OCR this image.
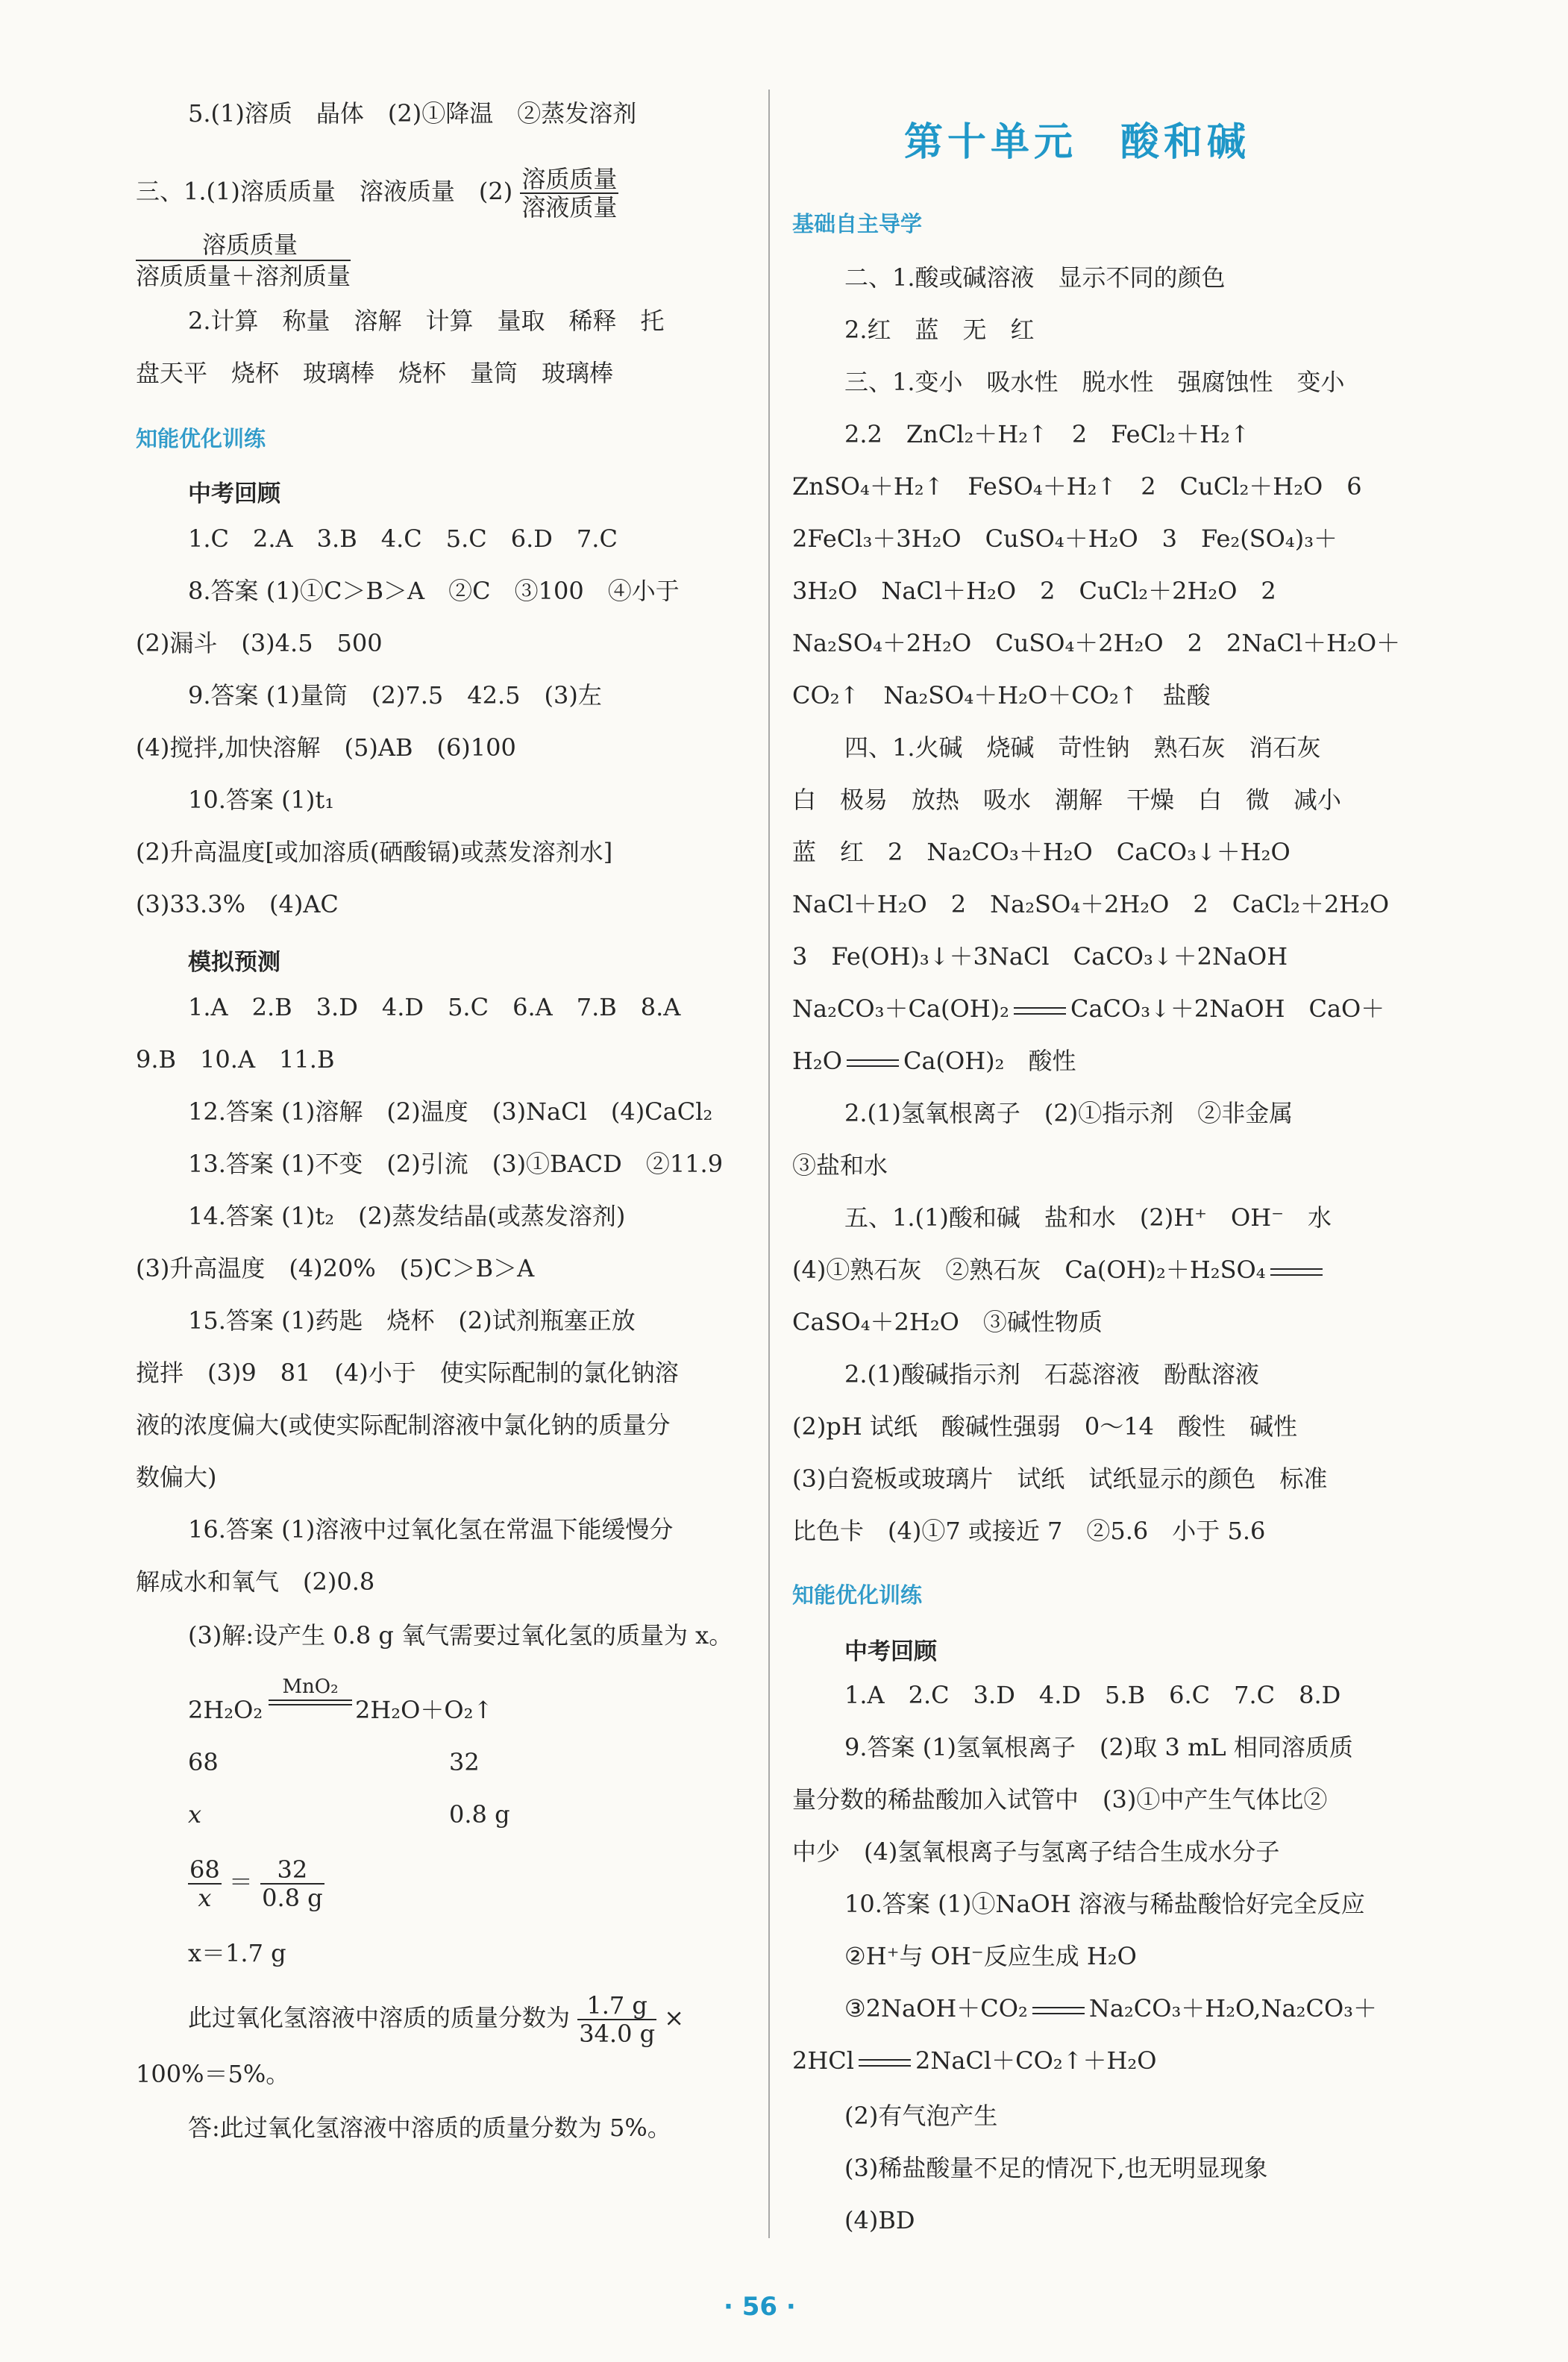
5.(1)溶质　晶体　(2)①降温　②蒸发溶剂
三、1.(1)溶质质量　溶液质量　$(2) \frac{\text{溶质质量}}{\text{溶液质量}}$
溶质质量
溶质质量＋溶剂质量
2.计算　称量　溶解　计算　量取　稀释　托
盘天平　烧杯　玻璃棒　烧杯　量筒　玻璃棒
知能优化训练
中考回顾
1.C　2.A　3.B　4.C　5.C　6.D　7.C
8.答案 (1)①C＞B＞A　②C　③100　④小于
(2)漏斗　(3)4.5　500
9.答案 (1)量筒　(2)7.5　42.5　(3)左
(4)搅拌,加快溶解　(5)AB　(6)100
10.答案 (1)t₁
(2)升高温度[或加溶质(硒酸镉)或蒸发溶剂水]
(3)33.3%　(4)AC
模拟预测
1.A　2.B　3.D　4.D　5.C　6.A　7.B　8.A
9.B　10.A　11.B
12.答案 (1)溶解　(2)温度　(3)NaCl　(4)CaCl₂
13.答案 (1)不变　(2)引流　(3)①BACD　②11.9
14.答案 (1)t₂　(2)蒸发结晶(或蒸发溶剂)
(3)升高温度　(4)20%　(5)C＞B＞A
15.答案 (1)药匙　烧杯　(2)试剂瓶塞正放
搅拌　(3)9　81　(4)小于　使实际配制的氯化钠溶
液的浓度偏大(或使实际配制溶液中氯化钠的质量分
数偏大)
16.答案 (1)溶液中过氧化氢在常温下能缓慢分
解成水和氧气　(2)0.8
(3)解:设产生 0.8 g 氧气需要过氧化氢的质量为 x。
2H₂O₂
MnO₂
2H₂O＋O₂↑
68	32
x	0.8 g
$\frac{68}{x} = \frac{32}{0.8 g}$
x＝1.7 g
此过氧化氢溶液中溶质的质量分数为 $\frac{1.7 g}{34.0 g}$ ×
100%＝5%。
答:此过氧化氢溶液中溶质的质量分数为 5%。
第十单元　酸和碱
基础自主导学
二、1.酸或碱溶液　显示不同的颜色
2.红　蓝　无　红
三、1.变小　吸水性　脱水性　强腐蚀性　变小
2.2　ZnCl₂＋H₂↑　2　FeCl₂＋H₂↑
ZnSO₄＋H₂↑　FeSO₄＋H₂↑　2　CuCl₂＋H₂O　6
2FeCl₃＋3H₂O　CuSO₄＋H₂O　3　Fe₂(SO₄)₃＋
3H₂O　NaCl＋H₂O　2　CuCl₂＋2H₂O　2
Na₂SO₄＋2H₂O　CuSO₄＋2H₂O　2　2NaCl＋H₂O＋
CO₂↑　Na₂SO₄＋H₂O＋CO₂↑　盐酸
四、1.火碱　烧碱　苛性钠　熟石灰　消石灰
白　极易　放热　吸水　潮解　干燥　白　微　减小
蓝　红　2　Na₂CO₃＋H₂O　CaCO₃↓＋H₂O
NaCl＋H₂O　2　Na₂SO₄＋2H₂O　2　CaCl₂＋2H₂O
3　Fe(OH)₃↓＋3NaCl　CaCO₃↓＋2NaOH
Na₂CO₃＋Ca(OH)₂	CaCO₃↓＋2NaOH　CaO＋
H₂O	Ca(OH)₂　酸性
2.(1)氢氧根离子　(2)①指示剂　②非金属
③盐和水
五、1.(1)酸和碱　盐和水　(2)H⁺　OH⁻　水
(4)①熟石灰　②熟石灰　Ca(OH)₂＋H₂SO₄
CaSO₄＋2H₂O　③碱性物质
2.(1)酸碱指示剂　石蕊溶液　酚酞溶液
(2)pH 试纸　酸碱性强弱　0～14　酸性　碱性
(3)白瓷板或玻璃片　试纸　试纸显示的颜色　标准
比色卡　(4)①7 或接近 7　②5.6　小于 5.6
知能优化训练
中考回顾
1.A　2.C　3.D　4.D　5.B　6.C　7.C　8.D
9.答案 (1)氢氧根离子　(2)取 3 mL 相同溶质质
量分数的稀盐酸加入试管中　(3)①中产生气体比②
中少　(4)氢氧根离子与氢离子结合生成水分子
10.答案 (1)①NaOH 溶液与稀盐酸恰好完全反应
②H⁺与 OH⁻反应生成 H₂O
③2NaOH＋CO₂	Na₂CO₃＋H₂O,Na₂CO₃＋
2HCl	2NaCl＋CO₂↑＋H₂O
(2)有气泡产生
(3)稀盐酸量不足的情况下,也无明显现象
(4)BD
· 56 ·
